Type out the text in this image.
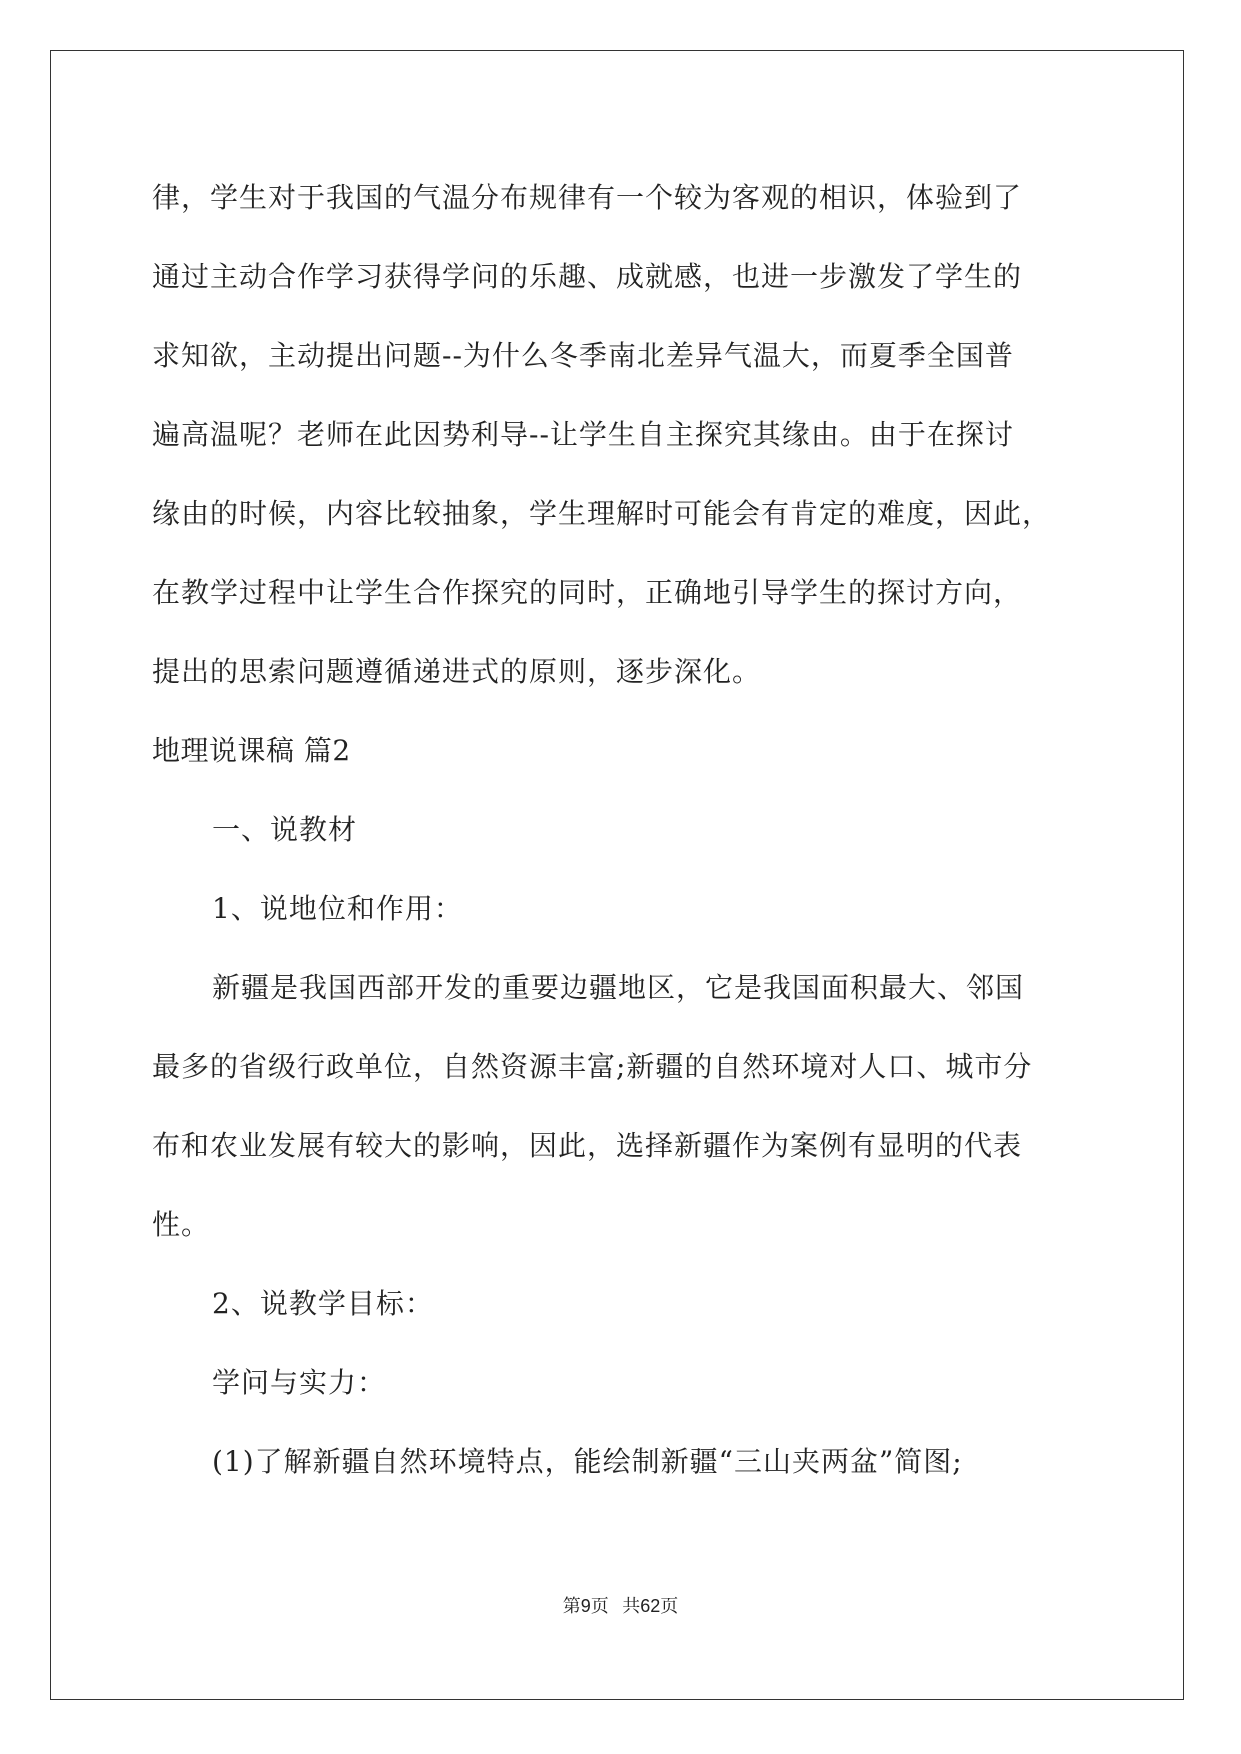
律，学生对于我国的气温分布规律有一个较为客观的相识，体验到了
通过主动合作学习获得学问的乐趣、成就感，也进一步激发了学生的
求知欲，主动提出问题--为什么冬季南北差异气温大，而夏季全国普
遍高温呢？老师在此因势利导--让学生自主探究其缘由。由于在探讨
缘由的时候，内容比较抽象，学生理解时可能会有肯定的难度，因此，
在教学过程中让学生合作探究的同时，正确地引导学生的探讨方向，
提出的思索问题遵循递进式的原则，逐步深化。
地理说课稿 篇2
一、说教材
1、说地位和作用：
新疆是我国西部开发的重要边疆地区，它是我国面积最大、邻国
最多的省级行政单位，自然资源丰富;新疆的自然环境对人口、城市分
布和农业发展有较大的影响，因此，选择新疆作为案例有显明的代表
性。
2、说教学目标：
学问与实力：
(1)了解新疆自然环境特点，能绘制新疆“三山夹两盆”简图;
第9页 共62页
